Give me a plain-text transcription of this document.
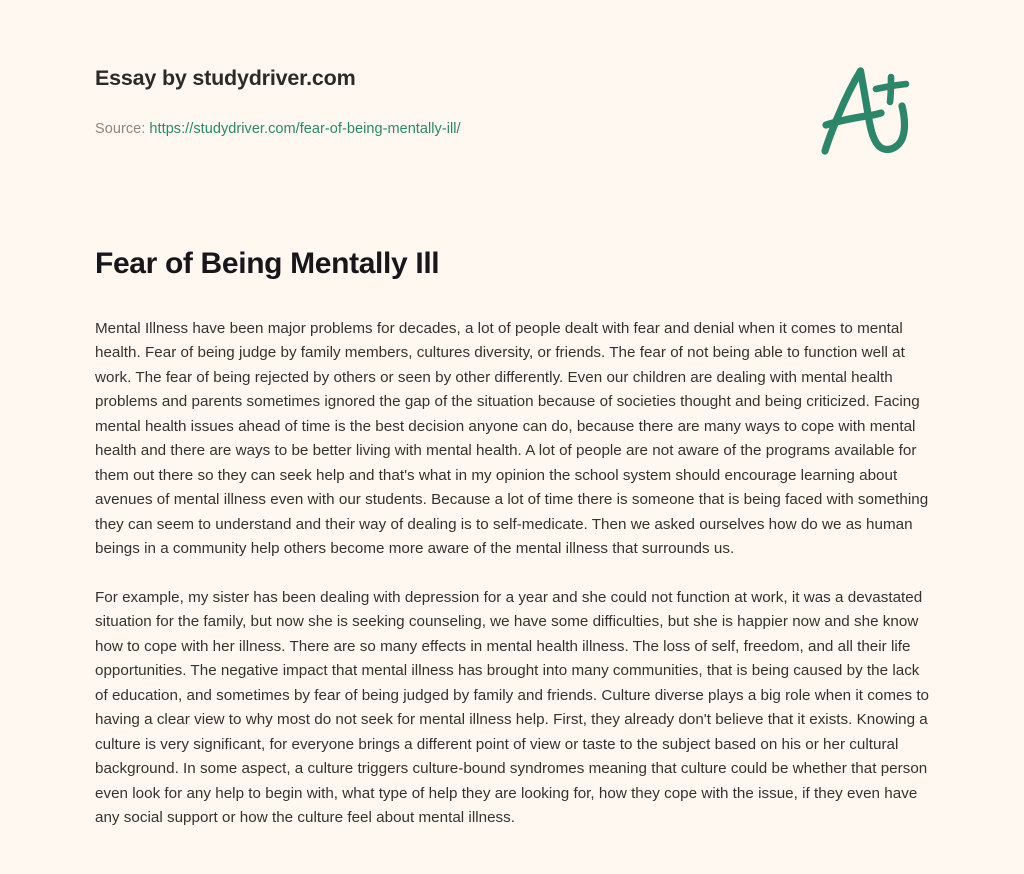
Essay by studydriver.com
Source: https://studydriver.com/fear-of-being-mentally-ill/
Fear of Being Mentally Ill

Mental Illness have been major problems for decades, a lot of people dealt with fear and denial when it comes to mental health. Fear of being judge by family members, cultures diversity, or friends. The fear of not being able to function well at work. The fear of being rejected by others or seen by other differently. Even our children are dealing with mental health problems and parents sometimes ignored the gap of the situation because of societies thought and being criticized. Facing mental health issues ahead of time is the best decision anyone can do, because there are many ways to cope with mental health and there are ways to be better living with mental health. A lot of people are not aware of the programs available for them out there so they can seek help and that's what in my opinion the school system should encourage learning about avenues of mental illness even with our students. Because a lot of time there is someone that is being faced with something they can seem to understand and their way of dealing is to self-medicate. Then we asked ourselves how do we as human beings in a community help others become more aware of the mental illness that surrounds us.

For example, my sister has been dealing with depression for a year and she could not function at work, it was a devastated situation for the family, but now she is seeking counseling, we have some difficulties, but she is happier now and she know how to cope with her illness. There are so many effects in mental health illness. The loss of self, freedom, and all their life opportunities. The negative impact that mental illness has brought into many communities, that is being caused by the lack of education, and sometimes by fear of being judged by family and friends. Culture diverse plays a big role when it comes to having a clear view to why most do not seek for mental illness help. First, they already don't believe that it exists. Knowing a culture is very significant, for everyone brings a different point of view or taste to the subject based on his or her cultural background. In some aspect, a culture triggers culture-bound syndromes meaning that culture could be whether that person even look for any help to begin with, what type of help they are looking for, how they cope with the issue, if they even have any social support or how the culture feel about mental illness.
